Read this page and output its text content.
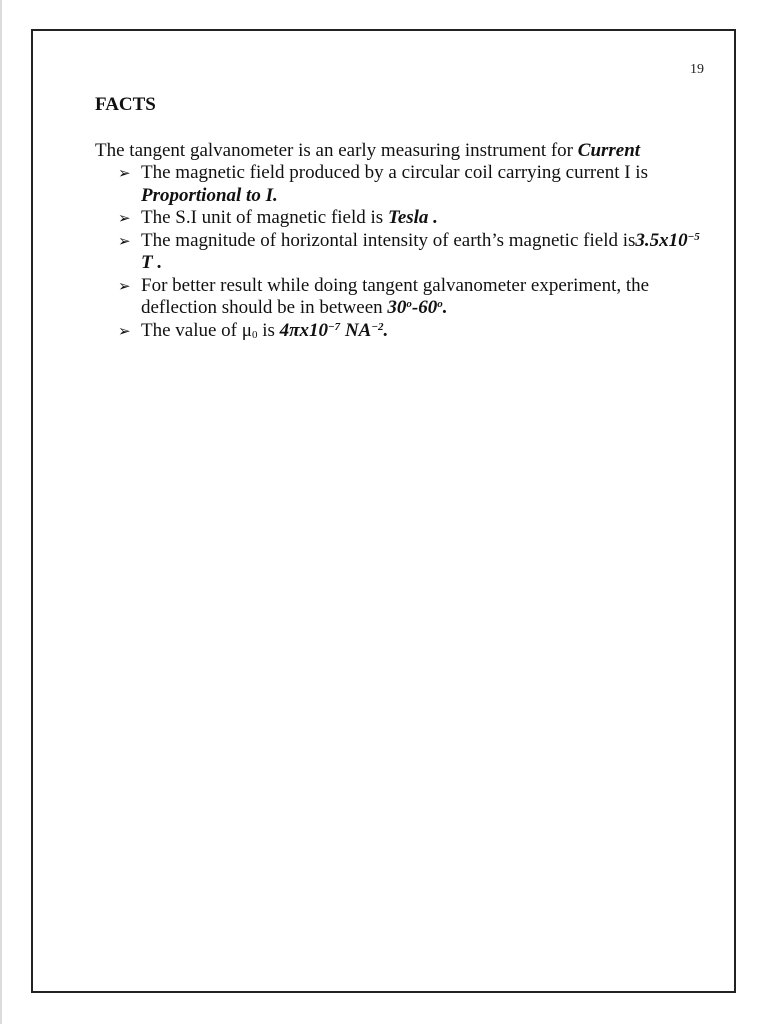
19
FACTS

The tangent galvanometer is an early measuring instrument for Current

➢ The magnetic field produced by a circular coil carrying current I is Proportional to I.
➢ The S.I unit of magnetic field is Tesla .
➢ The magnitude of horizontal intensity of earth’s magnetic field $is3.5x10^{-5}$ T .
➢ For better result while doing tangent galvanometer experiment, the deflection should be in between 30$^o$-60$^o$.
➢ The value of $\mu_0$ is $4\pi x10^{-7}$ $NA^{-2}$.
